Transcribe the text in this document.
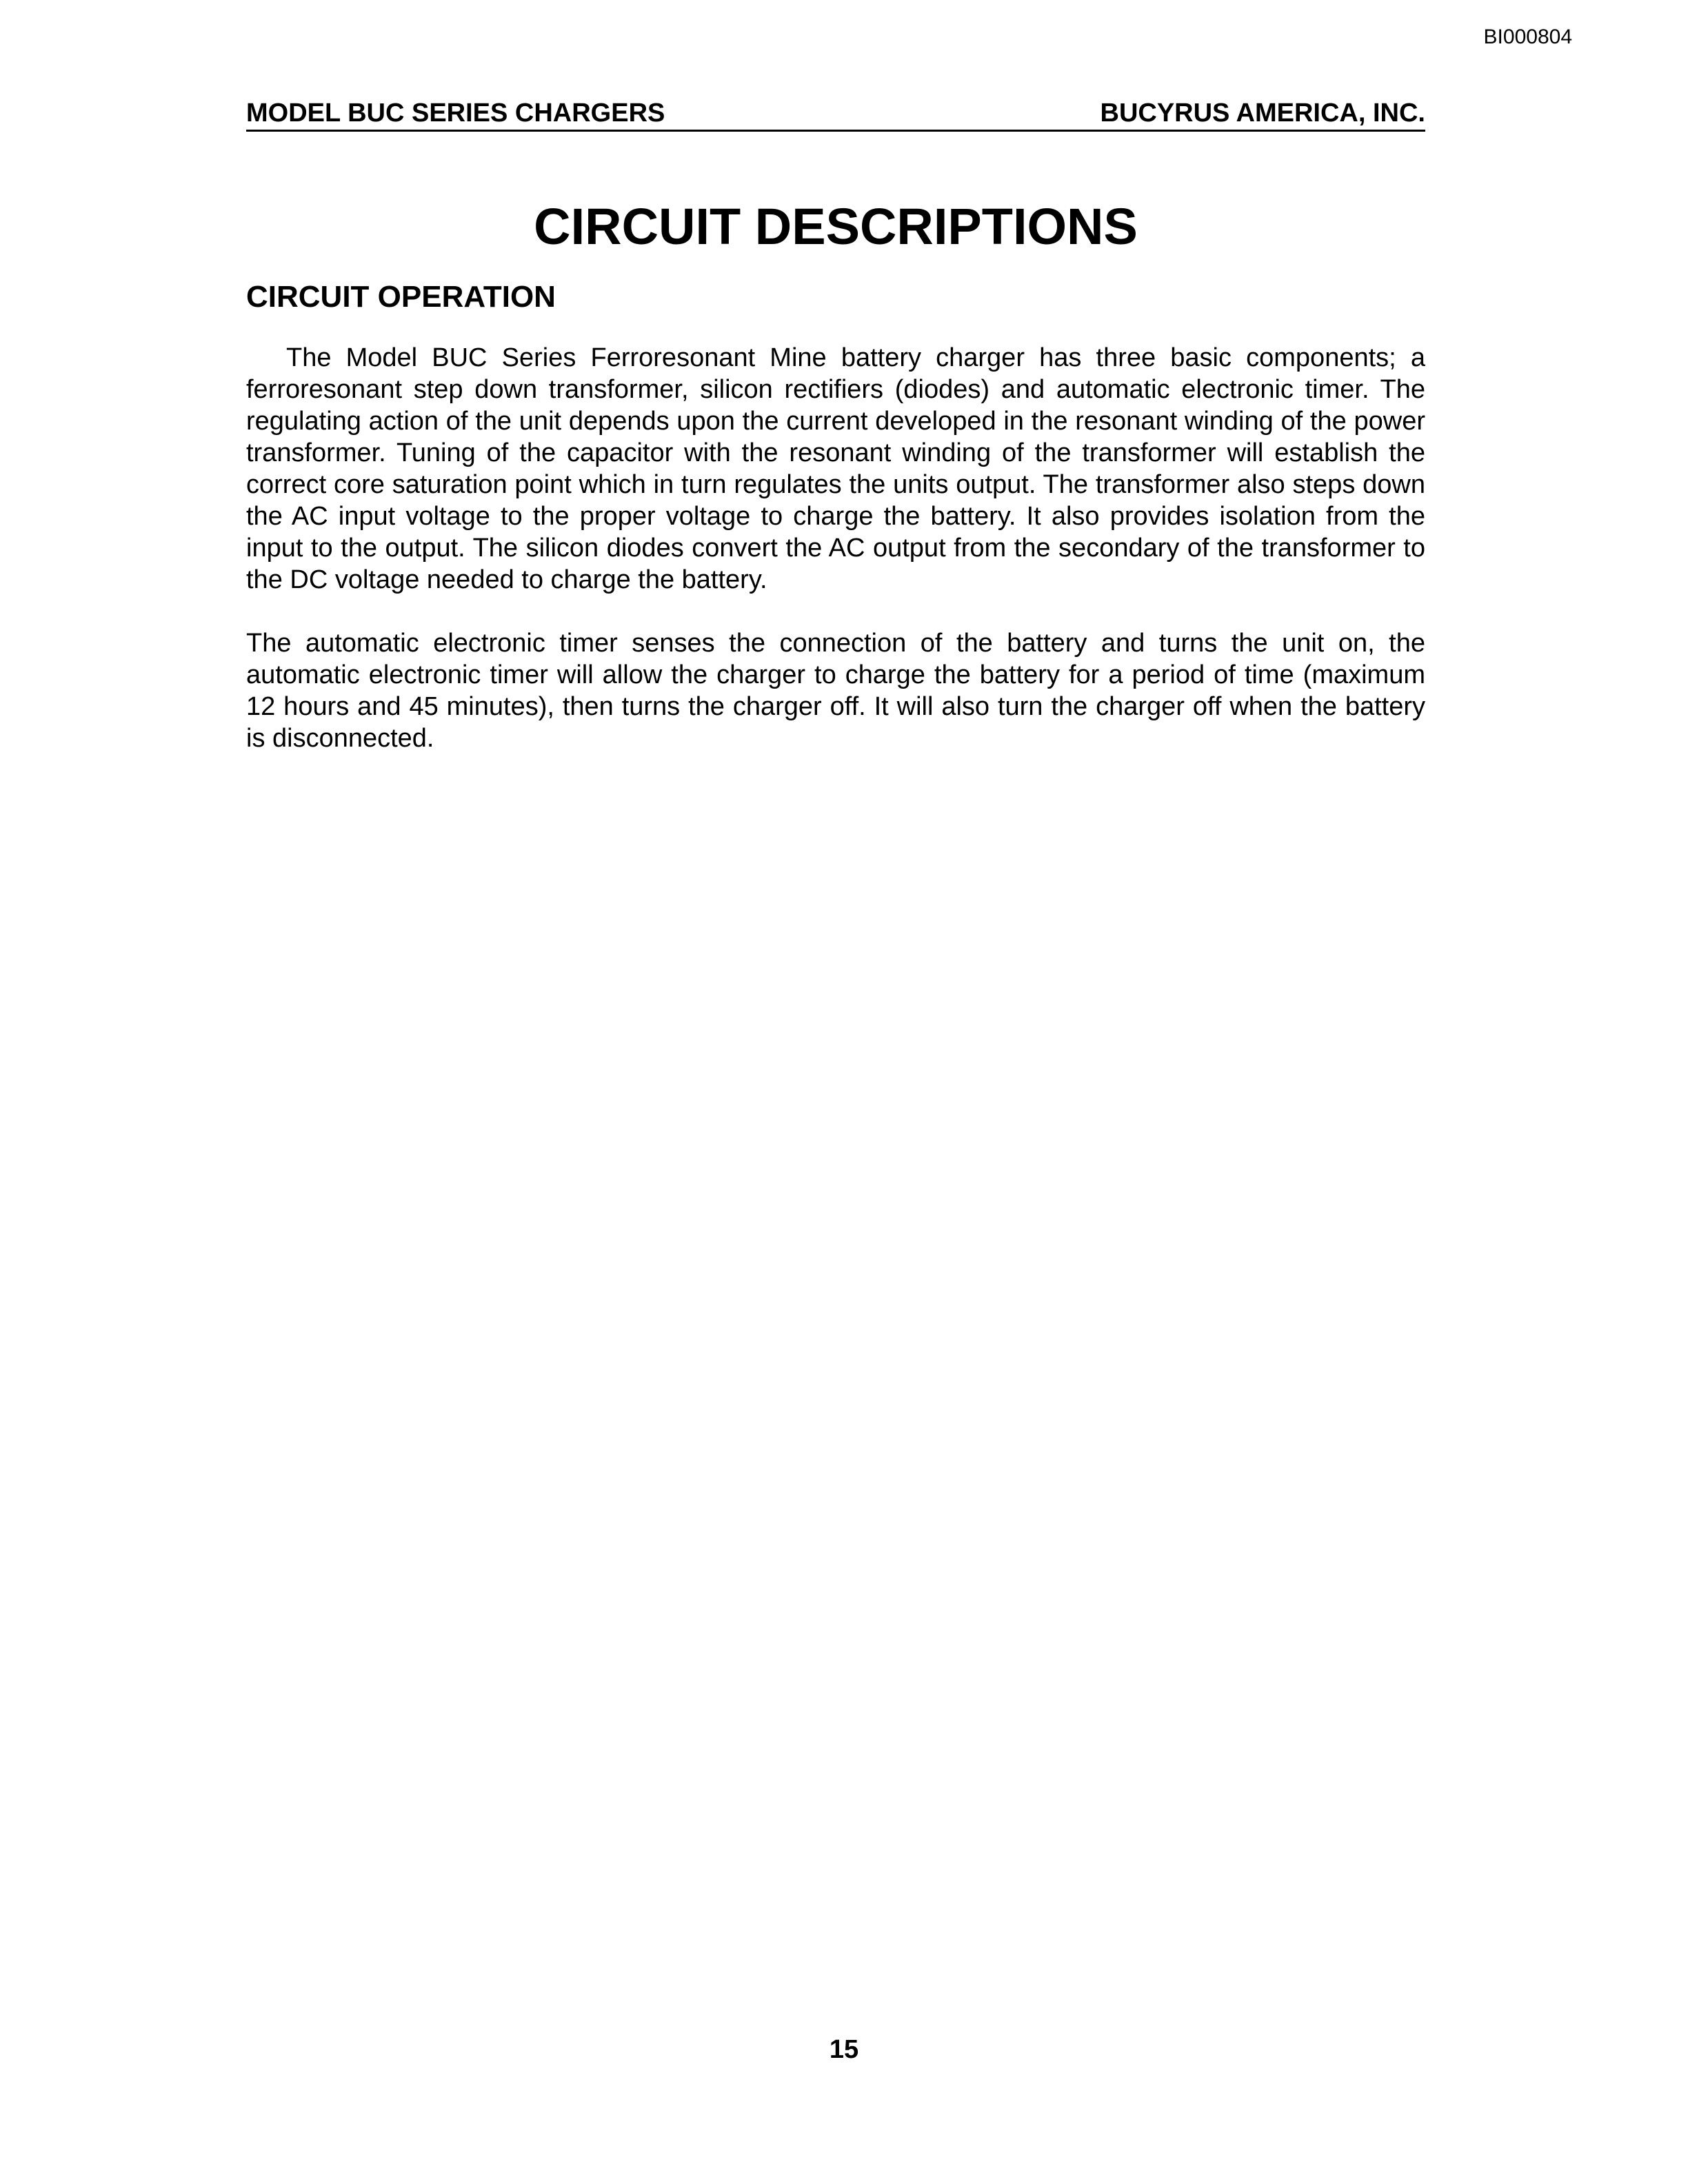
BI000804
MODEL BUC SERIES CHARGERS	BUCYRUS AMERICA, INC.
CIRCUIT DESCRIPTIONS
CIRCUIT OPERATION

The Model BUC Series Ferroresonant Mine battery charger has three basic components; a ferroresonant step down transformer, silicon rectifiers (diodes) and automatic electronic timer. The regulating action of the unit depends upon the current developed in the resonant winding of the power transformer. Tuning of the capacitor with the resonant winding of the transformer will establish the correct core saturation point which in turn regulates the units output. The transformer also steps down the AC input voltage to the proper voltage to charge the battery. It also provides isolation from the input to the output. The silicon diodes convert the AC output from the secondary of the transformer to the DC voltage needed to charge the battery.

The automatic electronic timer senses the connection of the battery and turns the unit on, the automatic electronic timer will allow the charger to charge the battery for a period of time (maximum 12 hours and 45 minutes), then turns the charger off. It will also turn the charger off when the battery is disconnected.

15
